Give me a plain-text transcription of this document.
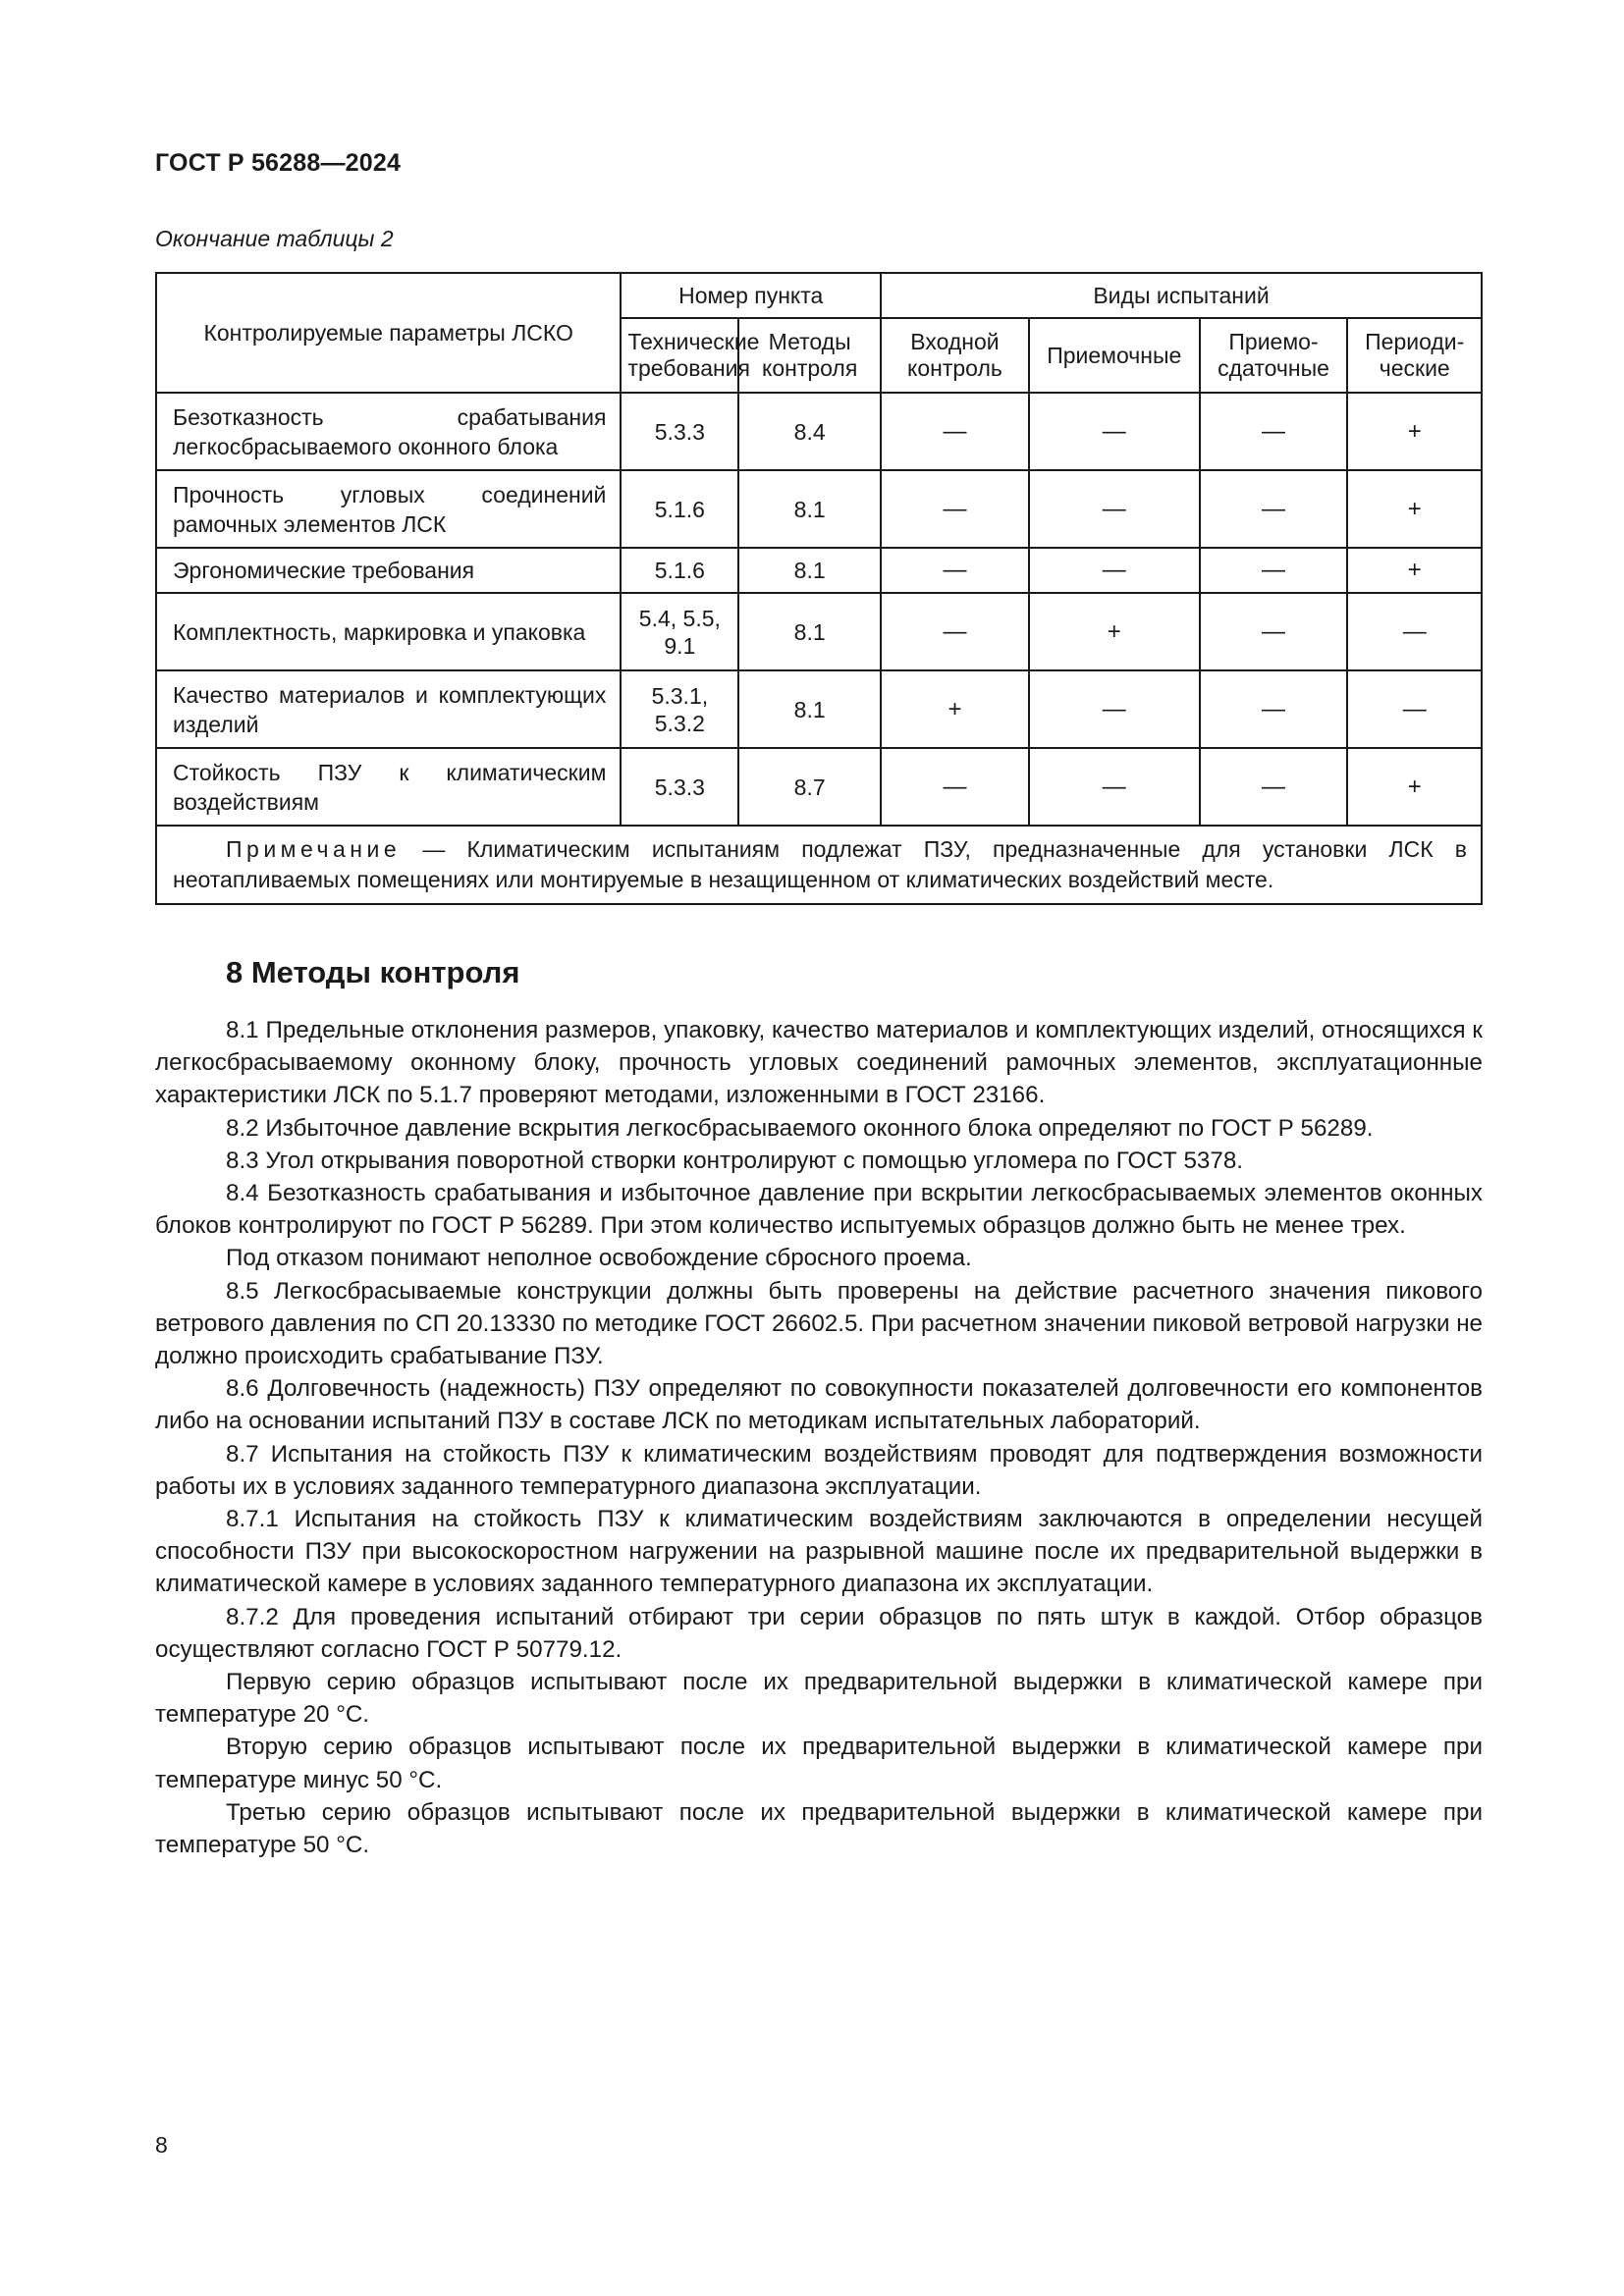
ГОСТ Р 56288—2024
Окончание таблицы 2
Контролируемые параметры ЛСКО	Номер пункта		Виды испытаний			
	Технические требования	Методы контроля	Входной контроль	Приемочные	Приемо-сдаточные	Периоди-ческие
Безотказность срабатывания легкосбрасываемого оконного блока	5.3.3	8.4	—	—	—	+
Прочность угловых соединений рамочных элементов ЛСК	5.1.6	8.1	—	—	—	+
Эргономические требования	5.1.6	8.1	—	—	—	+
Комплектность, маркировка и упаковка	5.4, 5.5, 9.1	8.1	—	+	—	—
Качество материалов и комплектующих изделий	5.3.1, 5.3.2	8.1	+	—	—	—
Стойкость ПЗУ к климатическим воздействиям	5.3.3	8.7	—	—	—	+
Примечание — Климатическим испытаниям подлежат ПЗУ, предназначенные для установки ЛСК в неотапливаемых помещениях или монтируемые в незащищенном от климатических воздействий месте.						
8 Методы контроля

8.1 Предельные отклонения размеров, упаковку, качество материалов и комплектующих изделий, относящихся к легкосбрасываемому оконному блоку, прочность угловых соединений рамочных элементов, эксплуатационные характеристики ЛСК по 5.1.7 проверяют методами, изложенными в ГОСТ 23166.

8.2 Избыточное давление вскрытия легкосбрасываемого оконного блока определяют по ГОСТ Р 56289.

8.3 Угол открывания поворотной створки контролируют с помощью угломера по ГОСТ 5378.

8.4 Безотказность срабатывания и избыточное давление при вскрытии легкосбрасываемых элементов оконных блоков контролируют по ГОСТ Р 56289. При этом количество испытуемых образцов должно быть не менее трех.

Под отказом понимают неполное освобождение сбросного проема.

8.5 Легкосбрасываемые конструкции должны быть проверены на действие расчетного значения пикового ветрового давления по СП 20.13330 по методике ГОСТ 26602.5. При расчетном значении пиковой ветровой нагрузки не должно происходить срабатывание ПЗУ.

8.6 Долговечность (надежность) ПЗУ определяют по совокупности показателей долговечности его компонентов либо на основании испытаний ПЗУ в составе ЛСК по методикам испытательных лабораторий.

8.7 Испытания на стойкость ПЗУ к климатическим воздействиям проводят для подтверждения возможности работы их в условиях заданного температурного диапазона эксплуатации.

8.7.1 Испытания на стойкость ПЗУ к климатическим воздействиям заключаются в определении несущей способности ПЗУ при высокоскоростном нагружении на разрывной машине после их предварительной выдержки в климатической камере в условиях заданного температурного диапазона их эксплуатации.

8.7.2 Для проведения испытаний отбирают три серии образцов по пять штук в каждой. Отбор образцов осуществляют согласно ГОСТ Р 50779.12.

Первую серию образцов испытывают после их предварительной выдержки в климатической камере при температуре 20 °С.

Вторую серию образцов испытывают после их предварительной выдержки в климатической камере при температуре минус 50 °С.

Третью серию образцов испытывают после их предварительной выдержки в климатической камере при температуре 50 °С.

8
